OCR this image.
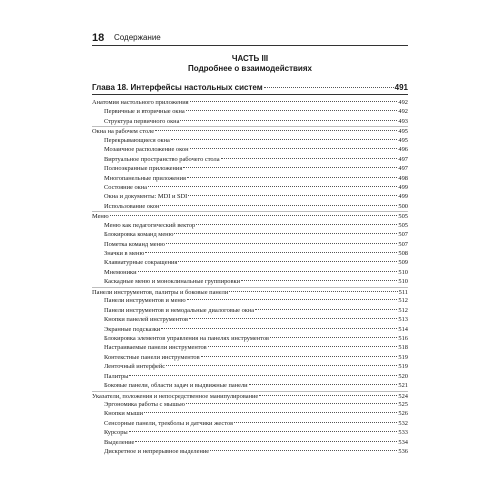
18 Содержание
ЧАСТЬ III
Подробнее о взаимодействиях
Глава 18. Интерфейсы настольных систем	491
Анатомия настольного приложения	492
Первичные и вторичные окна	492
Структура первичного окна	493
Окна на рабочем столе	495
Перекрывающиеся окна	495
Мозаичное расположение окон	496
Виртуальное пространство рабочего стола	497
Полноэкранные приложения	497
Многопанельные приложения	498
Состояние окна	499
Окна и документы: MDI и SDI	499
Использование окон	500
Меню	505
Меню как педагогический вектор	505
Блокировка команд меню	507
Пометка команд меню	507
Значки в меню	508
Клавиатурные сокращения	509
Мнемоники	510
Каскадные меню и моноклинальные группировки	510
Панели инструментов, палитры и боковые панели	511
Панели инструментов и меню	512
Панели инструментов и немодальные диалоговые окна	512
Кнопки панелей инструментов	513
Экранные подсказки	514
Блокировка элементов управления на панелях инструментов	516
Настраиваемые панели инструментов	518
Контекстные панели инструментов	519
Ленточный интерфейс	519
Палитры	520
Боковые панели, области задач и выдвижные панели	521
Указатели, положения и непосредственное манипулирование	524
Эргономика работы с мышью	525
Кнопки мыши	526
Сенсорные панели, трекболы и датчики жестов	532
Курсоры	533
Выделение	534
Дискретное и непрерывное выделение	536
